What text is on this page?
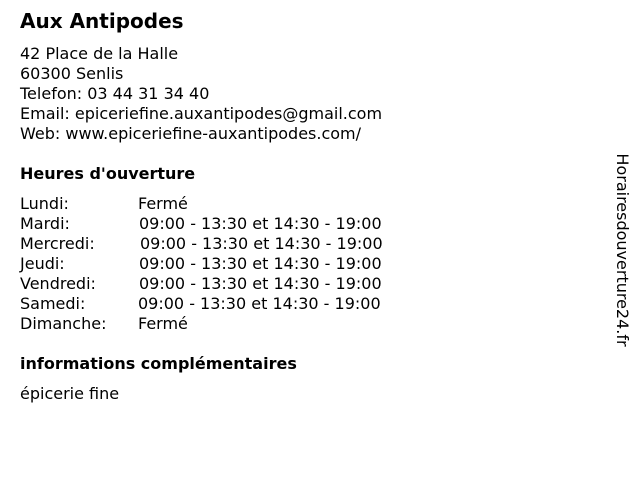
Aux Antipodes
42 Place de la Halle
60300 Senlis
Telefon: 03 44 31 34 40
Email: epiceriefine.auxantipodes@gmail.com
Web: www.epiceriefine-auxantipodes.com/
Heures d'ouverture
Lundi:	Fermé
Mardi:	09:00 - 13:30 et 14:30 - 19:00
Mercredi:	09:00 - 13:30 et 14:30 - 19:00
Jeudi:	09:00 - 13:30 et 14:30 - 19:00
Vendredi:	09:00 - 13:30 et 14:30 - 19:00
Samedi:	09:00 - 13:30 et 14:30 - 19:00
Dimanche: Fermé
informations complémentaires
épicerie fine
Horairesdouverture24.fr
